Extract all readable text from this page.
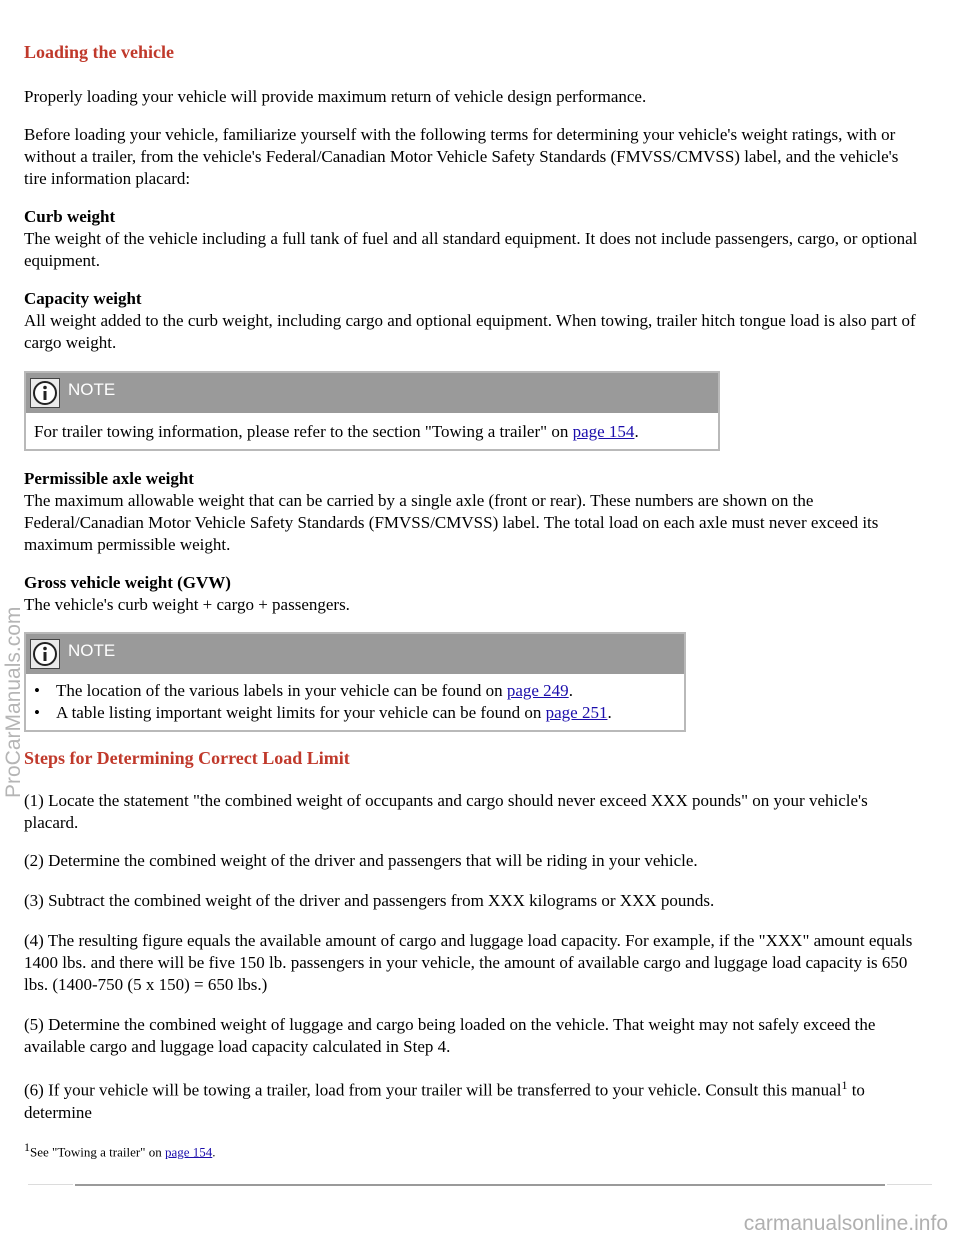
Loading the vehicle

Properly loading your vehicle will provide maximum return of vehicle design performance.

Before loading your vehicle, familiarize yourself with the following terms for determining your vehicle's weight ratings, with or without a trailer, from the vehicle's Federal/Canadian Motor Vehicle Safety Standards (FMVSS/CMVSS) label, and the vehicle's tire information placard:

Curb weight
The weight of the vehicle including a full tank of fuel and all standard equipment. It does not include passengers, cargo, or optional equipment.
Capacity weight
All weight added to the curb weight, including cargo and optional equipment. When towing, trailer hitch tongue load is also part of cargo weight.
NOTE
For trailer towing information, please refer to the section "Towing a trailer" on page 154.
Permissible axle weight
The maximum allowable weight that can be carried by a single axle (front or rear). These numbers are shown on the Federal/Canadian Motor Vehicle Safety Standards (FMVSS/CMVSS) label. The total load on each axle must never exceed its maximum permissible weight.
Gross vehicle weight (GVW)
The vehicle's curb weight + cargo + passengers.
NOTE
• The location of the various labels in your vehicle can be found on page 249.
• A table listing important weight limits for your vehicle can be found on page 251.

Steps for Determining Correct Load Limit

(1) Locate the statement "the combined weight of occupants and cargo should never exceed XXX pounds" on your vehicle's placard.

(2) Determine the combined weight of the driver and passengers that will be riding in your vehicle.

(3) Subtract the combined weight of the driver and passengers from XXX kilograms or XXX pounds.

(4) The resulting figure equals the available amount of cargo and luggage load capacity. For example, if the "XXX" amount equals 1400 lbs. and there will be five 150 lb. passengers in your vehicle, the amount of available cargo and luggage load capacity is 650 lbs. (1400-750 (5 x 150) = 650 lbs.)

(5) Determine the combined weight of luggage and cargo being loaded on the vehicle. That weight may not safely exceed the available cargo and luggage load capacity calculated in Step 4.

(6) If your vehicle will be towing a trailer, load from your trailer will be transferred to your vehicle. Consult this manual$^1$ to determine

$^1$See "Towing a trailer" on page 154.
ProCarManuals.com
carmanualsonline.info
